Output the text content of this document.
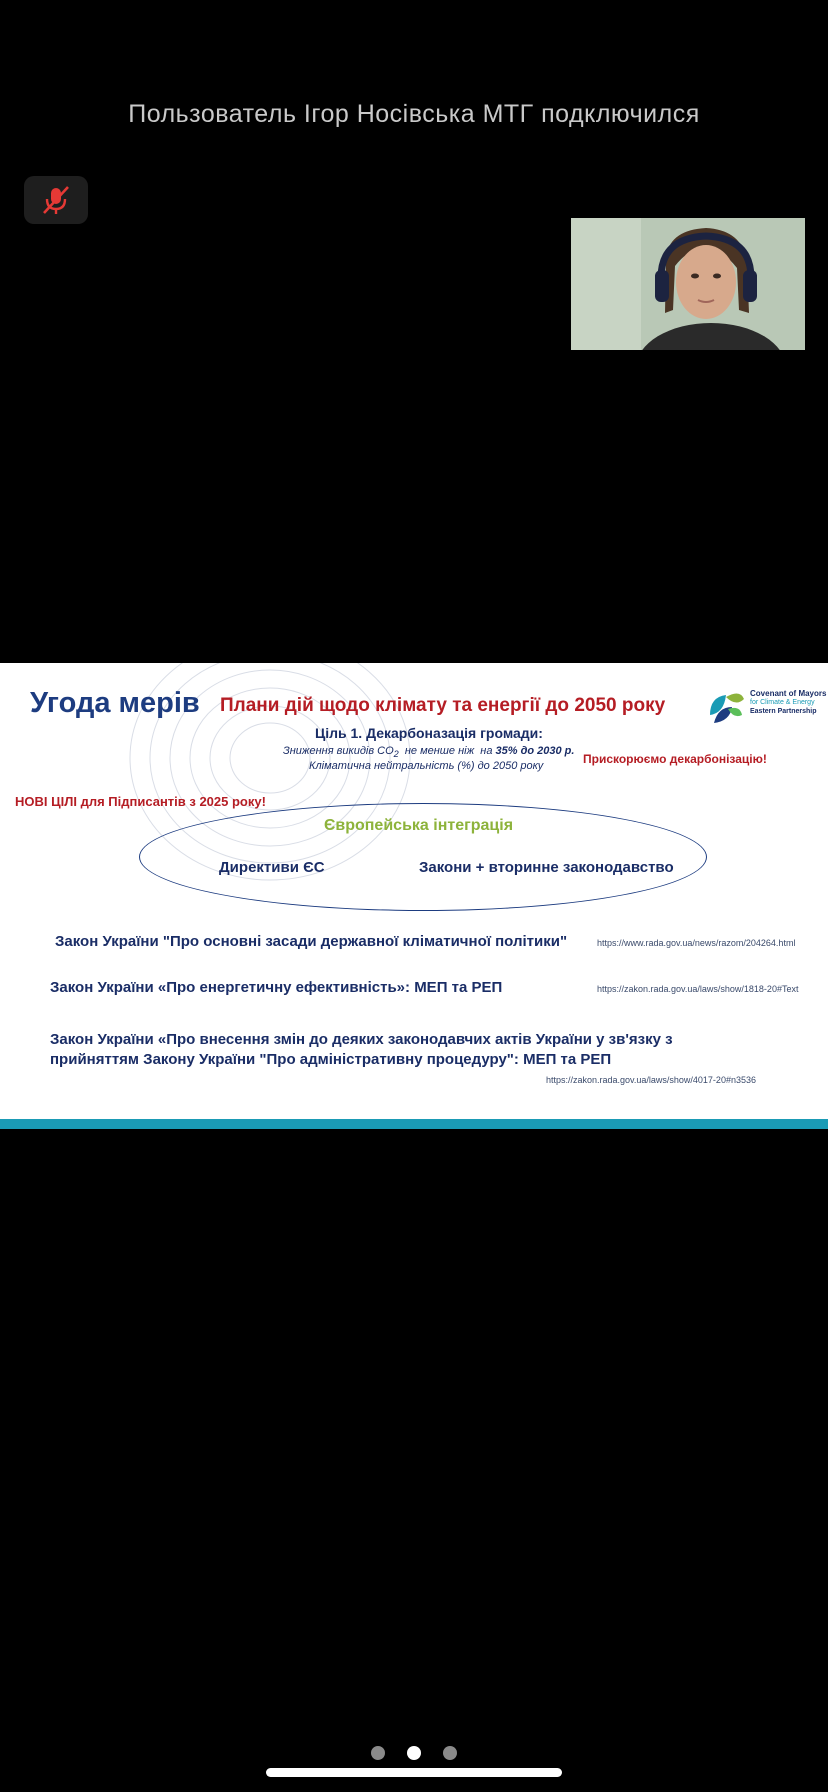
Пользователь Ігор Носівська МТГ подключился
Угода мерів Плани дій щодо клімату та енергії до 2050 року
Ціль 1. Декарбоназація громади:
Зниження викидів $CO_2$  не менше ніж  на 35% до 2030 р.
Кліматична нейтральність (%) до 2050 року	Прискорюємо декарбонізацію!
НОВІ ЦІЛІ для Підписантів з 2025 року!
Європейська інтеграція
Директиви ЄС	Закони + вторинне законодавство
Закон України "Про основні засади державної кліматичної політики"	https://www.rada.gov.ua/news/razom/204264.html
Закон України «Про енергетичну ефективність»: МЕП та РЕП	https://zakon.rada.gov.ua/laws/show/1818-20#Text
Закон України «Про внесення змін до деяких законодавчих актів України у зв'язку з
прийняттям Закону України "Про адміністративну процедуру": МЕП та РЕП
https://zakon.rada.gov.ua/laws/show/4017-20#n3536
Covenant of Mayors
for Climate & Energy
Eastern Partnership
